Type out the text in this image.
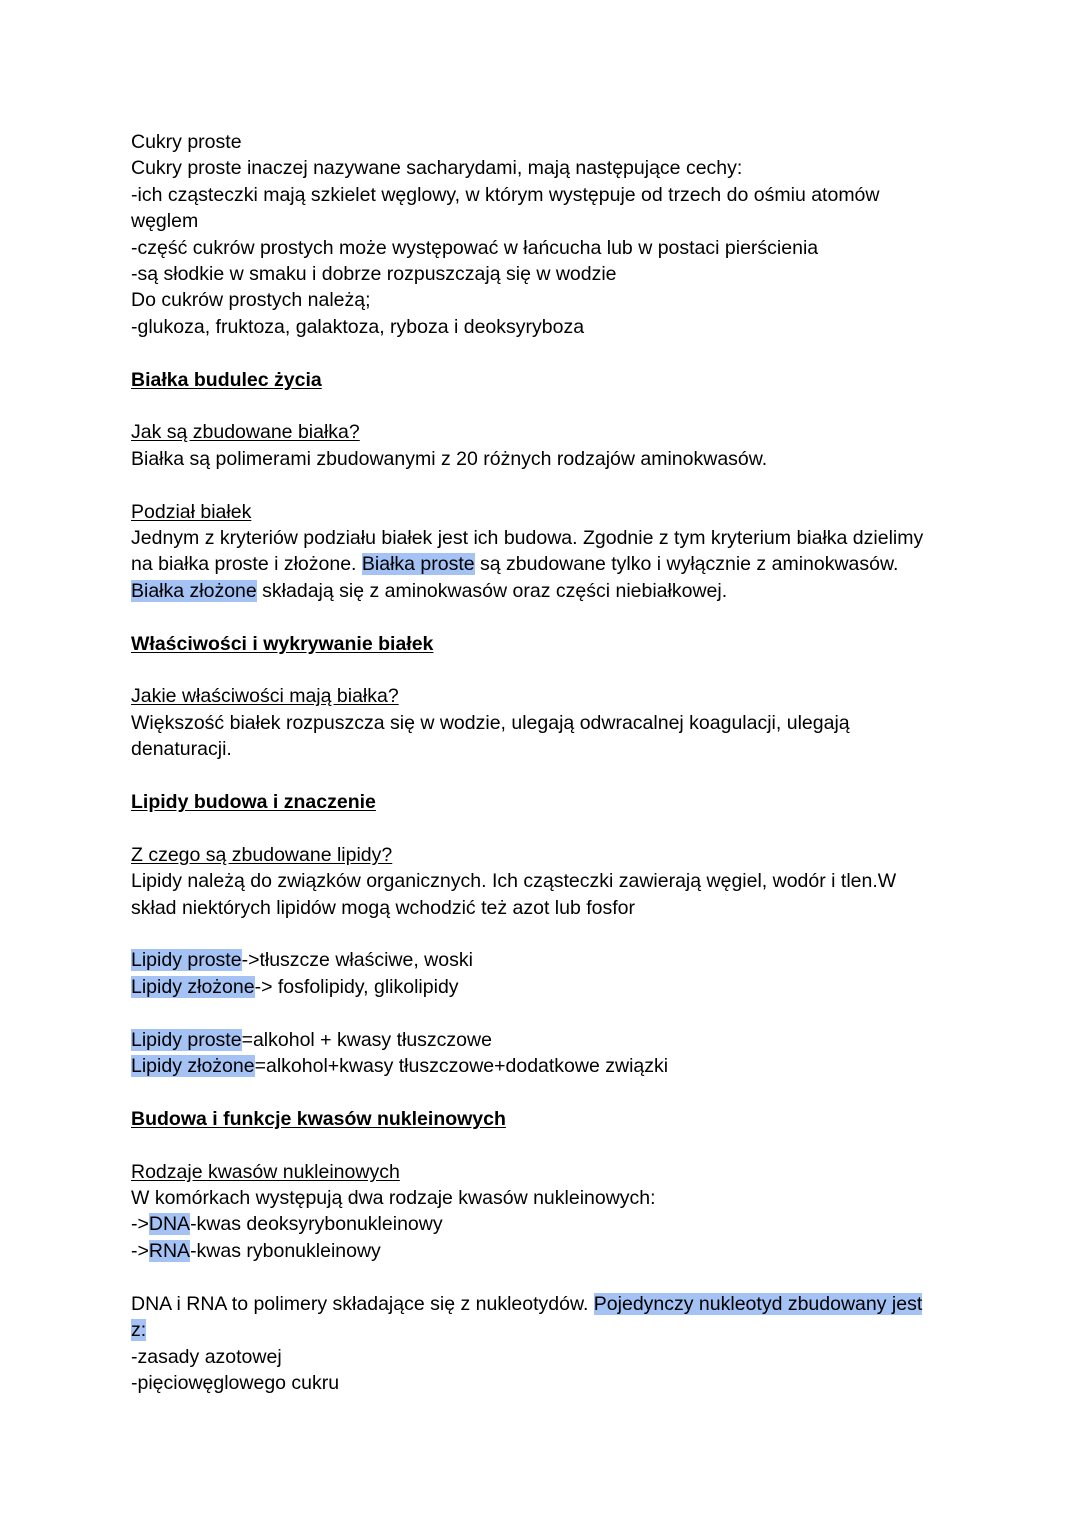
Cukry proste
Cukry proste inaczej nazywane sacharydami, mają następujące cechy:
-ich cząsteczki mają szkielet węglowy, w którym występuje od trzech do ośmiu atomów
węglem
-część cukrów prostych może występować w łańcucha lub w postaci pierścienia
-są słodkie w smaku i dobrze rozpuszczają się w wodzie
Do cukrów prostych należą;
-glukoza, fruktoza, galaktoza, ryboza i deoksyryboza
Białka budulec życia
Jak są zbudowane białka?
Białka są polimerami zbudowanymi z 20 różnych rodzajów aminokwasów.
Podział białek
Jednym z kryteriów podziału białek jest ich budowa. Zgodnie z tym kryterium białka dzielimy
na białka proste i złożone. Białka proste są zbudowane tylko i wyłącznie z aminokwasów.
Białka złożone składają się z aminokwasów oraz części niebiałkowej.
Właściwości i wykrywanie białek
Jakie właściwości mają białka?
Większość białek rozpuszcza się w wodzie, ulegają odwracalnej koagulacji, ulegają
denaturacji.
Lipidy budowa i znaczenie
Z czego są zbudowane lipidy?
Lipidy należą do związków organicznych. Ich cząsteczki zawierają węgiel, wodór i tlen.W
skład niektórych lipidów mogą wchodzić też azot lub fosfor
Lipidy proste->tłuszcze właściwe, woski
Lipidy złożone-> fosfolipidy, glikolipidy
Lipidy proste=alkohol + kwasy tłuszczowe
Lipidy złożone=alkohol+kwasy tłuszczowe+dodatkowe związki
Budowa i funkcje kwasów nukleinowych
Rodzaje kwasów nukleinowych
W komórkach występują dwa rodzaje kwasów nukleinowych:
->DNA-kwas deoksyrybonukleinowy
->RNA-kwas rybonukleinowy
DNA i RNA to polimery składające się z nukleotydów. Pojedynczy nukleotyd zbudowany jest
z:
-zasady azotowej
-pięciowęglowego cukru
